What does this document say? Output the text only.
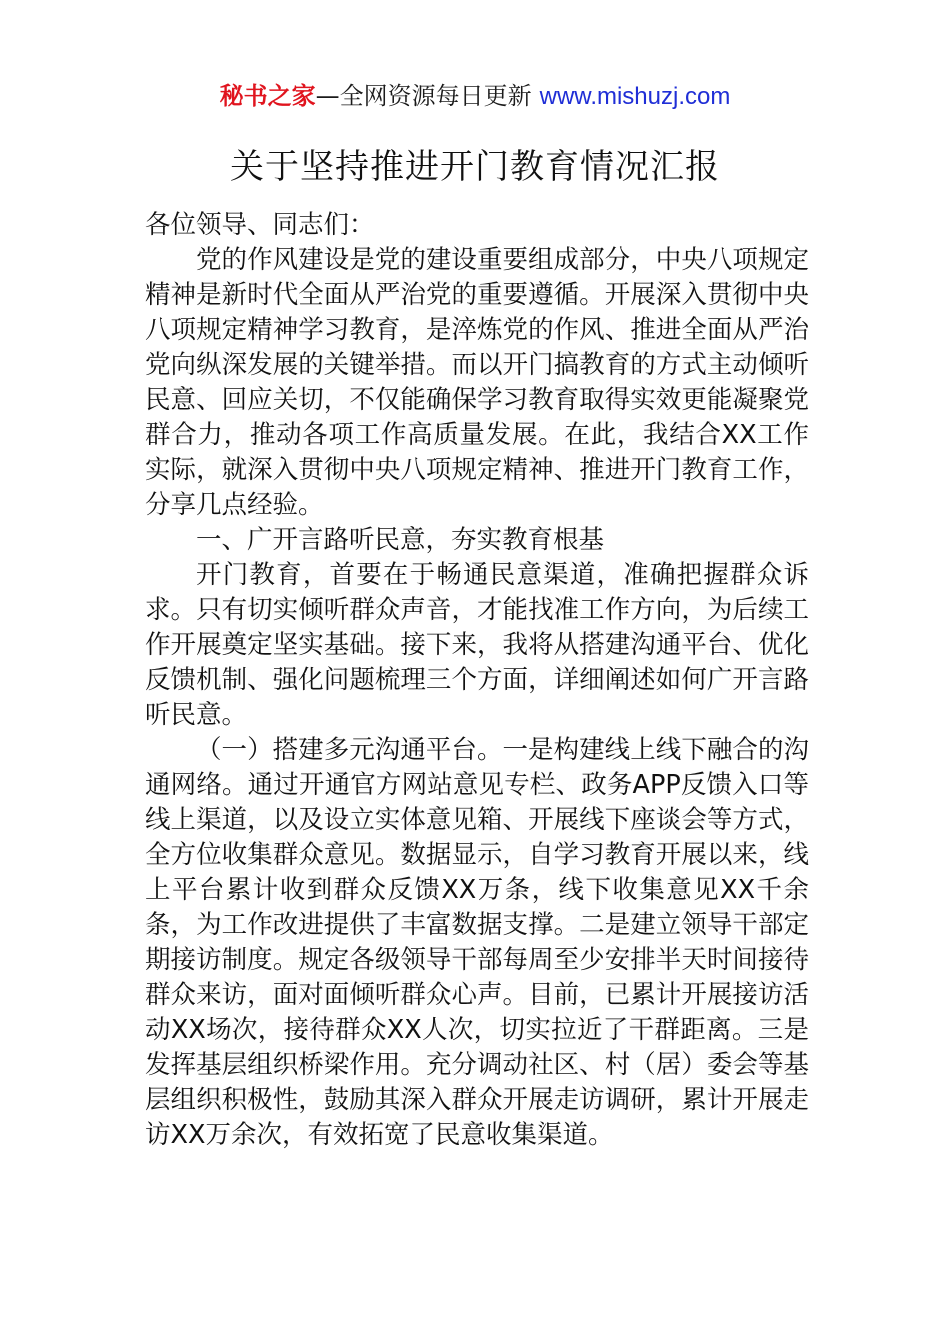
秘书之家—全网资源每日更新 www.mishuzj.com
关于坚持推进开门教育情况汇报

各位领导、同志们：

党的作风建设是党的建设重要组成部分，中央八项规定精神是新时代全面从严治党的重要遵循。开展深入贯彻中央八项规定精神学习教育，是淬炼党的作风、推进全面从严治党向纵深发展的关键举措。而以开门搞教育的方式主动倾听民意、回应关切，不仅能确保学习教育取得实效更能凝聚党群合力，推动各项工作高质量发展。在此，我结合XX工作实际，就深入贯彻中央八项规定精神、推进开门教育工作，分享几点经验。

一、广开言路听民意，夯实教育根基

开门教育，首要在于畅通民意渠道，准确把握群众诉求。只有切实倾听群众声音，才能找准工作方向，为后续工作开展奠定坚实基础。接下来，我将从搭建沟通平台、优化反馈机制、强化问题梳理三个方面，详细阐述如何广开言路听民意。

（一）搭建多元沟通平台。一是构建线上线下融合的沟通网络。通过开通官方网站意见专栏、政务APP反馈入口等线上渠道，以及设立实体意见箱、开展线下座谈会等方式，全方位收集群众意见。数据显示，自学习教育开展以来，线上平台累计收到群众反馈XX万条，线下收集意见XX千余条，为工作改进提供了丰富数据支撑。二是建立领导干部定期接访制度。规定各级领导干部每周至少安排半天时间接待群众来访，面对面倾听群众心声。目前，已累计开展接访活动XX场次，接待群众XX人次，切实拉近了干群距离。三是发挥基层组织桥梁作用。充分调动社区、村（居）委会等基层组织积极性，鼓励其深入群众开展走访调研，累计开展走访XX万余次，有效拓宽了民意收集渠道。
